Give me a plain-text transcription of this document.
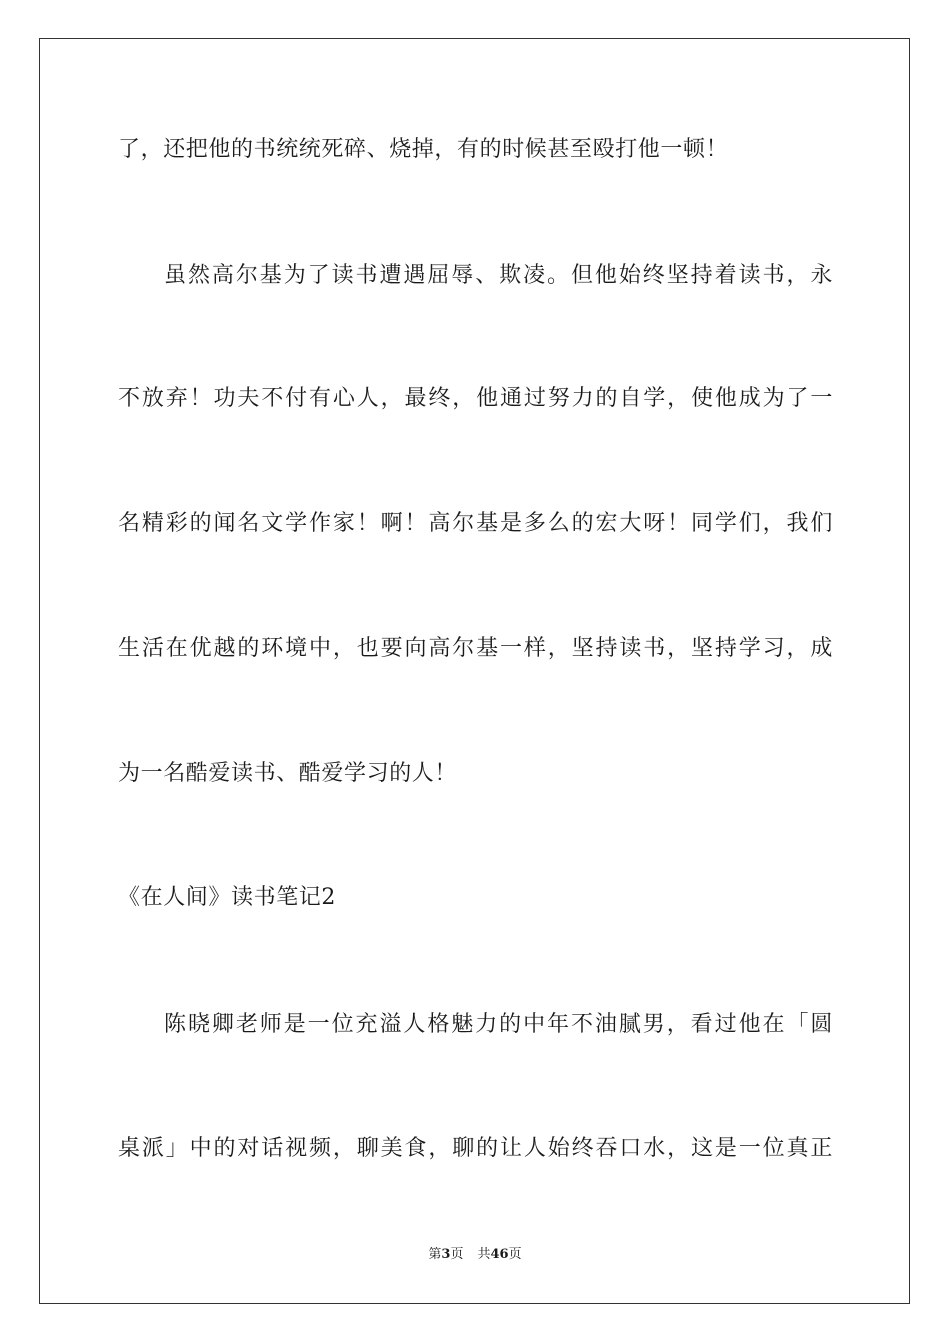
了，还把他的书统统死碎、烧掉，有的时候甚至殴打他一顿！
虽然高尔基为了读书遭遇屈辱、欺凌。但他始终坚持着读书，永
不放弃！功夫不付有心人，最终，他通过努力的自学，使他成为了一
名精彩的闻名文学作家！啊！高尔基是多么的宏大呀！同学们，我们
生活在优越的环境中，也要向高尔基一样，坚持读书，坚持学习，成
为一名酷爱读书、酷爱学习的人！
《在人间》读书笔记2
陈晓卿老师是一位充溢人格魅力的中年不油腻男，看过他在「圆
桌派」中的对话视频，聊美食，聊的让人始终吞口水，这是一位真正
第3页 共46页
